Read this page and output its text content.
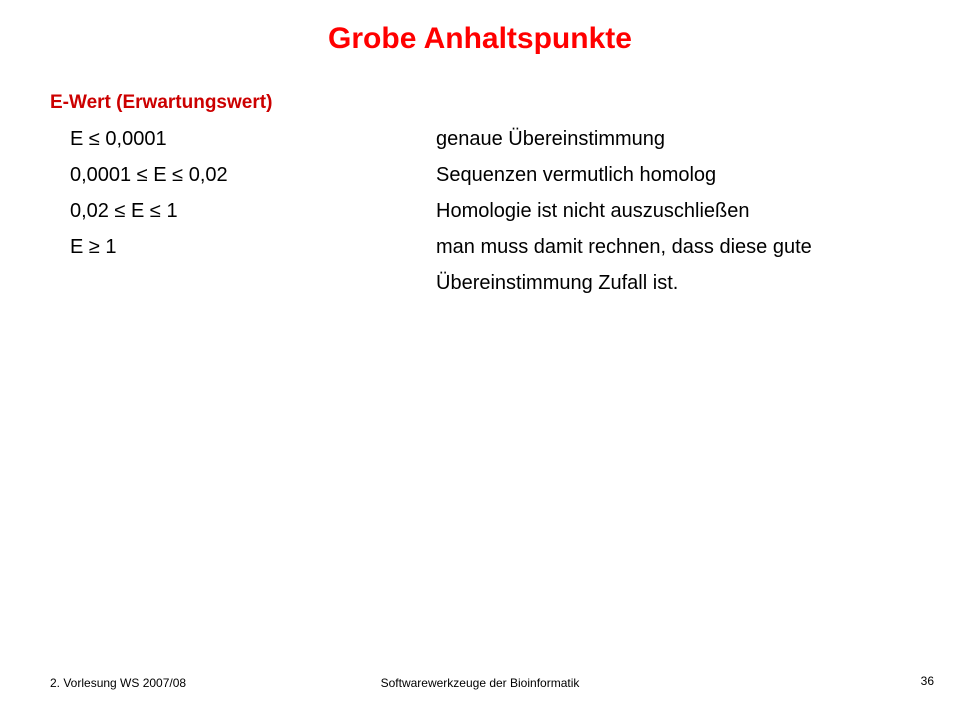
Grobe Anhaltspunkte
E-Wert (Erwartungswert)
E ≤ 0,0001	genaue Übereinstimmung
0,0001 ≤ E ≤ 0,02	Sequenzen vermutlich homolog
0,02 ≤ E ≤ 1	Homologie ist nicht auszuschließen
E ≥ 1	man muss damit rechnen, dass diese gute
Übereinstimmung Zufall ist.
2. Vorlesung WS 2007/08	Softwarewerkzeuge der Bioinformatik	36
